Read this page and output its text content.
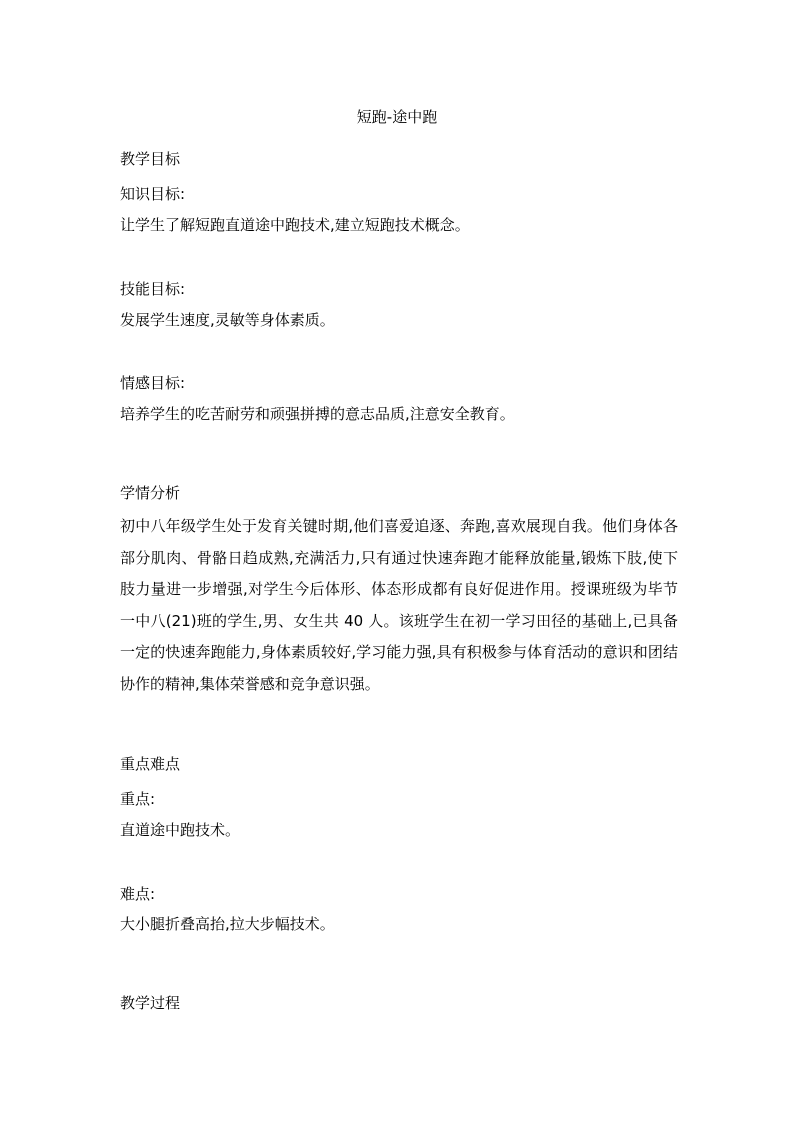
短跑-途中跑

教学目标

知识目标:

让学生了解短跑直道途中跑技术,建立短跑技术概念。

技能目标:

发展学生速度,灵敏等身体素质。

情感目标:

培养学生的吃苦耐劳和顽强拼搏的意志品质,注意安全教育。

学情分析

初中八年级学生处于发育关键时期,他们喜爱追逐、奔跑,喜欢展现自我。他们身体各部分肌肉、骨骼日趋成熟,充满活力,只有通过快速奔跑才能释放能量,锻炼下肢,使下肢力量进一步增强,对学生今后体形、体态形成都有良好促进作用。授课班级为毕节一中八(21)班的学生,男、女生共 40 人。该班学生在初一学习田径的基础上,已具备一定的快速奔跑能力,身体素质较好,学习能力强,具有积极参与体育活动的意识和团结协作的精神,集体荣誉感和竞争意识强。

重点难点

重点:

直道途中跑技术。

难点:

大小腿折叠高抬,拉大步幅技术。

教学过程
